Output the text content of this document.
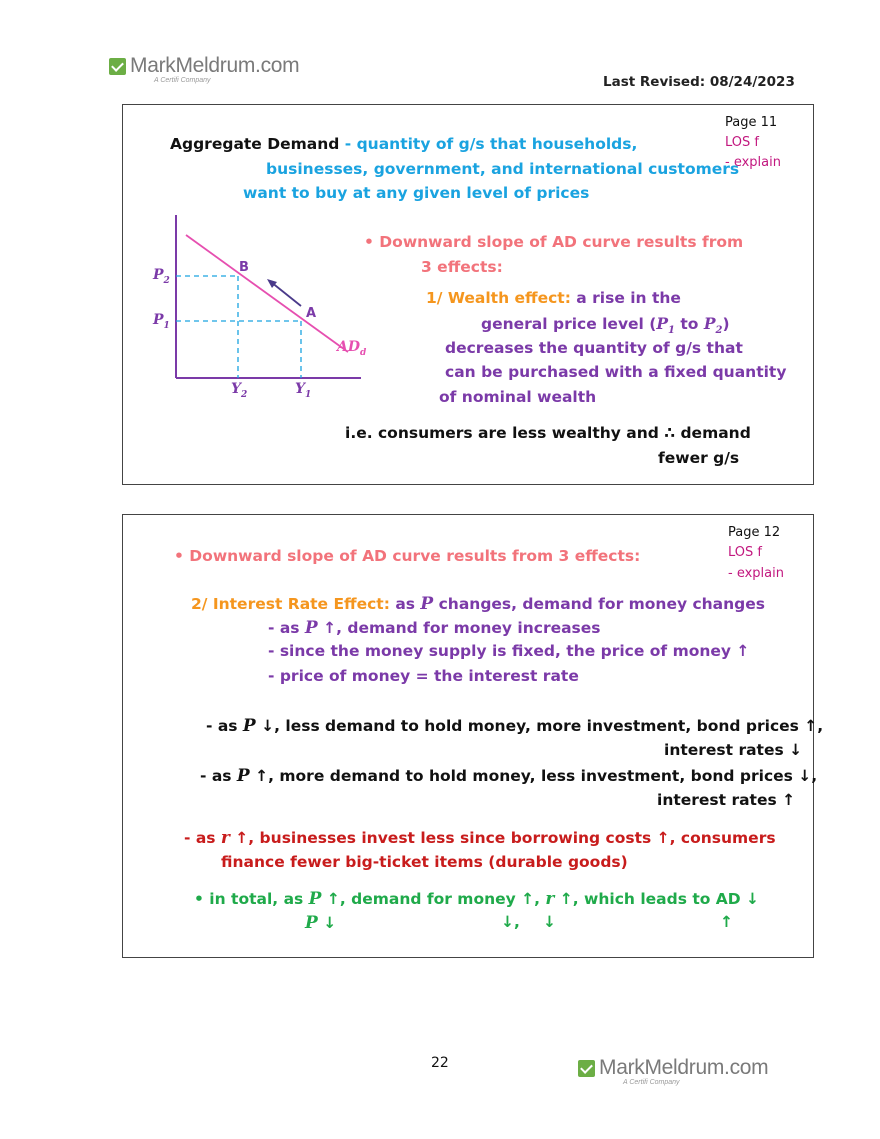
MarkMeldrum.com
A Certifi Company	Last Revised: 08/24/2023
Page 11
LOS f
- explain
Aggregate Demand - quantity of g/s that households,
businesses, government, and international customers
want to buy at any given level of prices
$P_2$
$P_1$
$Y_2$	$Y_1$
B
A
$AD_d$
• Downward slope of AD curve results from
3 effects:
1/ Wealth effect: a rise in the
general price level ($P_1$ to $P_2$)
decreases the quantity of g/s that
can be purchased with a fixed quantity
of nominal wealth
i.e. consumers are less wealthy and ∴ demand
fewer g/s
Page 12
LOS f
- explain
• Downward slope of AD curve results from 3 effects:
2/ Interest Rate Effect: as P changes, demand for money changes
- as P ↑, demand for money increases
- since the money supply is fixed, the price of money ↑
- price of money = the interest rate
- as P ↓, less demand to hold money, more investment, bond prices ↑,
interest rates ↓
- as P ↑, more demand to hold money, less investment, bond prices ↓,
interest rates ↑
- as r ↑, businesses invest less since borrowing costs ↑, consumers
finance fewer big-ticket items (durable goods)
• in total, as P ↑, demand for money ↑, r ↑, which leads to AD ↓
P ↓	↓, ↓	↑
22	MarkMeldrum.com
A Certifi Company
